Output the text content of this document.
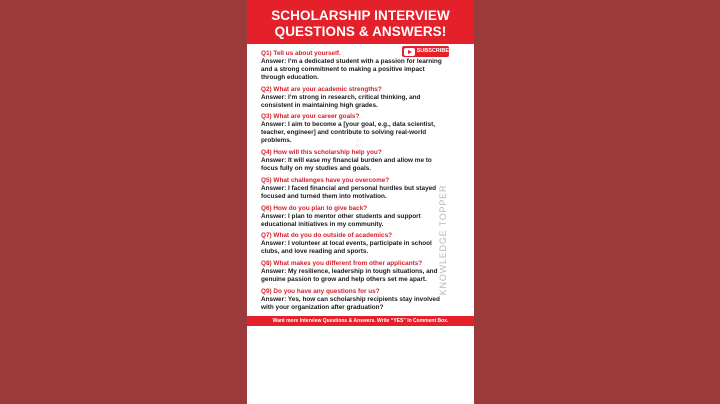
SCHOLARSHIP INTERVIEW
QUESTIONS & ANSWERS!
SUBSCRIBE
KT
Q1) Tell us about yourself.
Answer: I’m a dedicated student with a passion for learning and a strong commitment to making a positive impact through education.
Q2) What are your academic strengths?
Answer: I’m strong in research, critical thinking, and consistent in maintaining high grades.
Q3) What are your career goals?
Answer: I aim to become a [your goal, e.g., data scientist, teacher, engineer] and contribute to solving real-world problems.
Q4) How will this scholarship help you?
Answer: It will ease my financial burden and allow me to focus fully on my studies and goals.
Q5) What challenges have you overcome?
Answer: I faced financial and personal hurdles but stayed focused and turned them into motivation.
Q6) How do you plan to give back?
Answer: I plan to mentor other students and support educational initiatives in my community.
Q7) What do you do outside of academics?
Answer: I volunteer at local events, participate in school clubs, and love reading and sports.
Q8) What makes you different from other applicants?
Answer: My resilience, leadership in tough situations, and genuine passion to grow and help others set me apart.
Q9) Do you have any questions for us?
Answer: Yes, how can scholarship recipients stay involved with your organization after graduation?
KNOWLEDGE TOPPER
Want more Interview Questions & Answers. Write “YES” In Comment Box.
